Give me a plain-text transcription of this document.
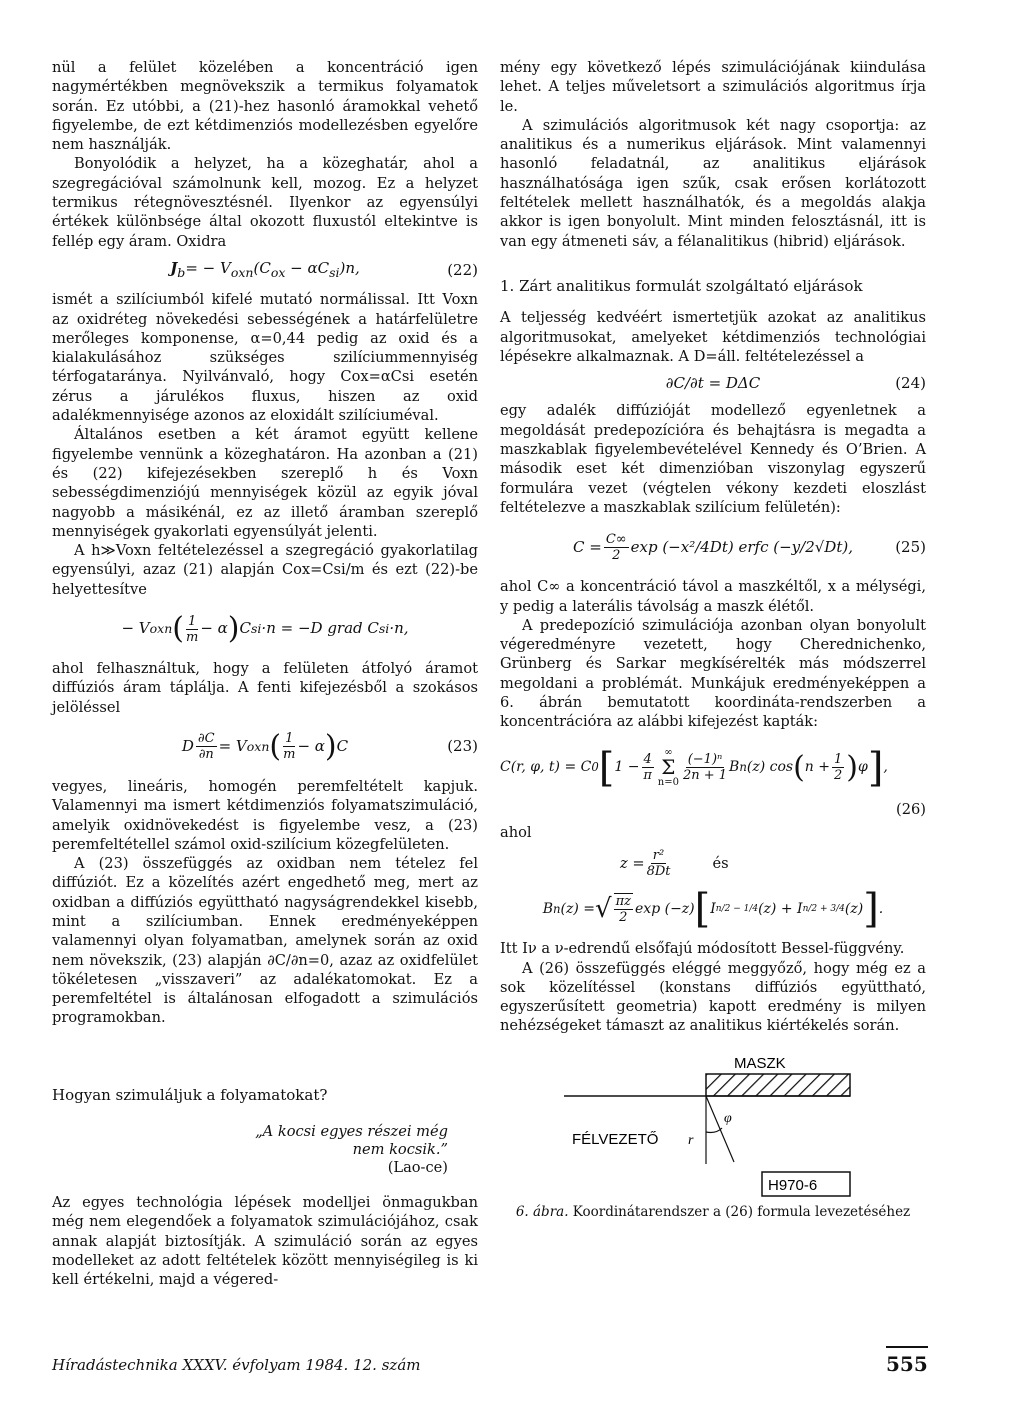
nül a felület közelében a koncentráció igen nagymértékben megnövekszik a termikus folyamatok során. Ez utóbbi, a (21)-hez hasonló áramokkal vehető figyelembe, de ezt kétdimenziós modellezésben egyelőre nem használják.

Bonyolódik a helyzet, ha a közeghatár, ahol a szegregációval számolnunk kell, mozog. Ez a helyzet termikus rétegnövesztésnél. Ilyenkor az egyensúlyi értékek különbsége által okozott fluxustól eltekintve is fellép egy áram. Oxidra

$J_b= - V_{oxn}(C_{ox} - \alpha C_{si})n$,	(22)

ismét a szilíciumból kifelé mutató normálissal. Itt Voxn az oxidréteg növekedési sebességének a határfelületre merőleges komponense, α=0,44 pedig az oxid és a kialakulásához szükséges szilíciummennyiség térfogataránya. Nyilvánvaló, hogy Cox=αCsi esetén zérus a járulékos fluxus, hiszen az oxid adalékmennyisége azonos az eloxidált szilíciuméval.

Általános esetben a két áramot együtt kellene figyelembe vennünk a közeghatáron. Ha azonban a (21) és (22) kifejezésekben szereplő h és Voxn sebességdimenziójú mennyiségek közül az egyik jóval nagyobb a másikénál, ez az illető áramban szereplő mennyiségek gyakorlati egyensúlyát jelenti.

A h≫Voxn feltételezéssel a szegregáció gyakorlatilag egyensúlyi, azaz (21) alapján Cox=Csi/m és ezt (22)-be helyettesítve

− V oxn ( $\frac{1}{m} - \alpha$ ) C si ·n = −D grad C si ·n,

ahol felhasználtuk, hogy a felületen átfolyó áramot diffúziós áram táplálja. A fenti kifejezésből a szokásos jelöléssel

D $\frac{\partial C}{\partial n} = V$ oxn ( $\frac{1}{m} - \alpha$ ) C	(23)

vegyes, lineáris, homogén peremfeltételt kapjuk. Valamennyi ma ismert kétdimenziós folyamatszimuláció, amelyik oxidnövekedést is figyelembe vesz, a (23) peremfeltétellel számol oxid-szilícium közegfelületen.

A (23) összefüggés az oxidban nem tételez fel diffúziót. Ez a közelítés azért engedhető meg, mert az oxidban a diffúziós együttható nagyságrendekkel kisebb, mint a szilíciumban. Ennek eredményeképpen valamennyi olyan folyamatban, amelynek során az oxid nem növekszik, (23) alapján ∂C/∂n=0, azaz az oxidfelület tökéletesen „visszaveri” az adalékatomokat. Ez a peremfeltétel is általánosan elfogadott a szimulációs programokban.

Hogyan szimuláljuk a folyamatokat?

„A kocsi egyes részei még
nem kocsik.”
(Lao-ce)

Az egyes technológia lépések modelljei önmagukban még nem elegendőek a folyamatok szimulációjához, csak annak alapját biztosítják. A szimuláció során az egyes modelleket az adott feltételek között mennyiségileg is ki kell értékelni, majd a végered-

mény egy következő lépés szimulációjának kiindulása lehet. A teljes műveletsort a szimulációs algoritmus írja le.

A szimulációs algoritmusok két nagy csoportja: az analitikus és a numerikus eljárások. Mint valamennyi hasonló feladatnál, az analitikus eljárások használhatósága igen szűk, csak erősen korlátozott feltételek mellett használhatók, és a megoldás alakja akkor is igen bonyolult. Mint minden felosztásnál, itt is van egy átmeneti sáv, a félanalitikus (hibrid) eljárások.

1. Zárt analitikus formulát szolgáltató eljárások

A teljesség kedvéért ismertetjük azokat az analitikus algoritmusokat, amelyeket kétdimenziós technológiai lépésekre alkalmaznak. A D=áll. feltételezéssel a

∂C/∂t = DΔC	(24)

egy adalék diffúzióját modellező egyenletnek a megoldását predepozícióra és behajtásra is megadta a maszkablak figyelembevételével Kennedy és O’Brien. A második eset két dimenzióban viszonylag egyszerű formulára vezet (végtelen vékony kezdeti eloszlást feltételezve a maszkablak szilícium felületén):

$C = \frac{C\infty}{2}$ exp (−x²/4Dt) erfc (−y/2√Dt),	(25)

ahol C∞ a koncentráció távol a maszkéltől, x a mélységi, y pedig a laterális távolság a maszk élétől.

A predepozíció szimulációja azonban olyan bonyolult végeredményre vezetett, hogy Cherednichenko, Grünberg és Sarkar megkísérelték más módszerrel megoldani a problémát. Munkájuk eredményeképpen a 6. ábrán bemutatott koordináta-rendszerben a koncentrációra az alábbi kifejezést kapták:

C(r, φ, t) = C 0 [ $1 - \frac{4}{\pi}$ ∞
Σ
$n=0 \frac{\text{(−1)ⁿ}}{2n + 1}$ B n (z) cos ( $n + \frac{1}{2}$ ) φ ] ,
(26)

ahol

$z = \frac{\text{r²}}{8Dt}$	és
B n (z) = √ $\frac{\pi z}{2}$ exp (−z) [ I n/2 − 1/4 (z) + I n/2 + 3/4 (z) ] .

Itt Iν a ν-edrendű elsőfajú módosított Bessel-függvény.

A (26) összefüggés eléggé meggyőző, hogy még ez a sok közelítéssel (konstans diffúziós együttható, egyszerűsített geometria) kapott eredmény is milyen nehézségeket támaszt az analitikus kiértékelés során.

MASZK
FÉLVEZETŐ r
φ
H970-6
6. ábra. Koordinátarendszer a (26) formula levezetéséhez
Híradástechnika XXXV. évfolyam 1984. 12. szám	555
